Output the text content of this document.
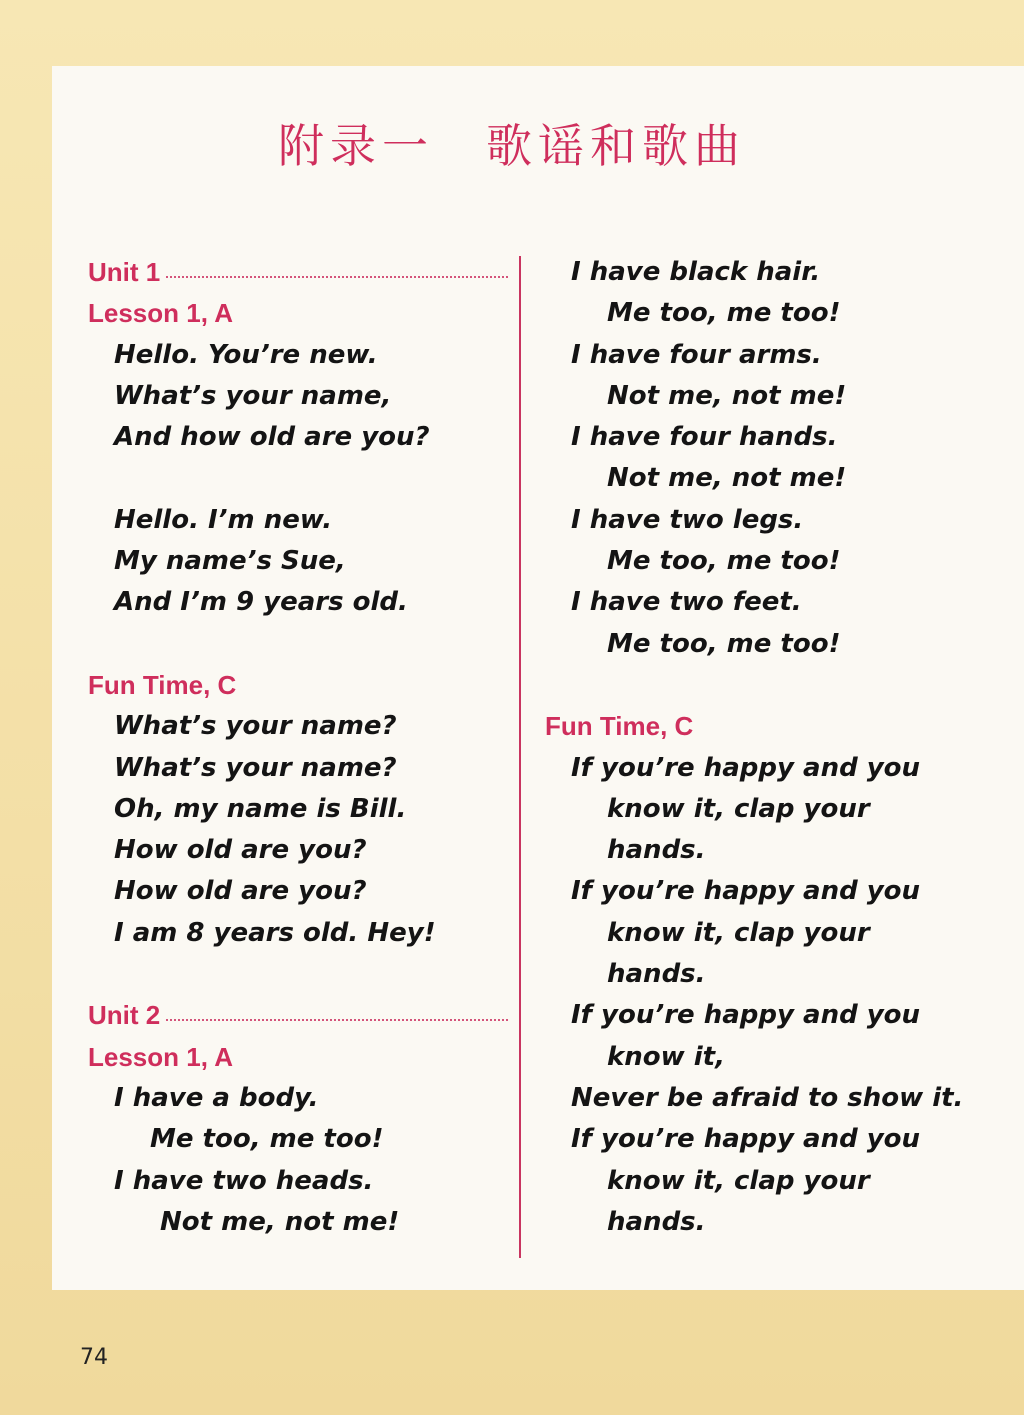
附录一　歌谣和歌曲
Unit 1
Lesson 1, A
Hello. You’re new.
What’s your name,
And how old are you?
Hello. I’m new.
My name’s Sue,
And I’m 9 years old.
Fun Time, C
What’s your name?
What’s your name?
Oh, my name is Bill.
How old are you?
How old are you?
I am 8 years old. Hey!
Unit 2
Lesson 1, A
I have a body.
Me too, me too!
I have two heads.
Not me, not me!
I have black hair.
Me too, me too!
I have four arms.
Not me, not me!
I have four hands.
Not me, not me!
I have two legs.
Me too, me too!
I have two feet.
Me too, me too!
Fun Time, C
If you’re happy and you
know it, clap your
hands.
If you’re happy and you
know it, clap your
hands.
If you’re happy and you
know it,
Never be afraid to show it.
If you’re happy and you
know it, clap your
hands.
74
